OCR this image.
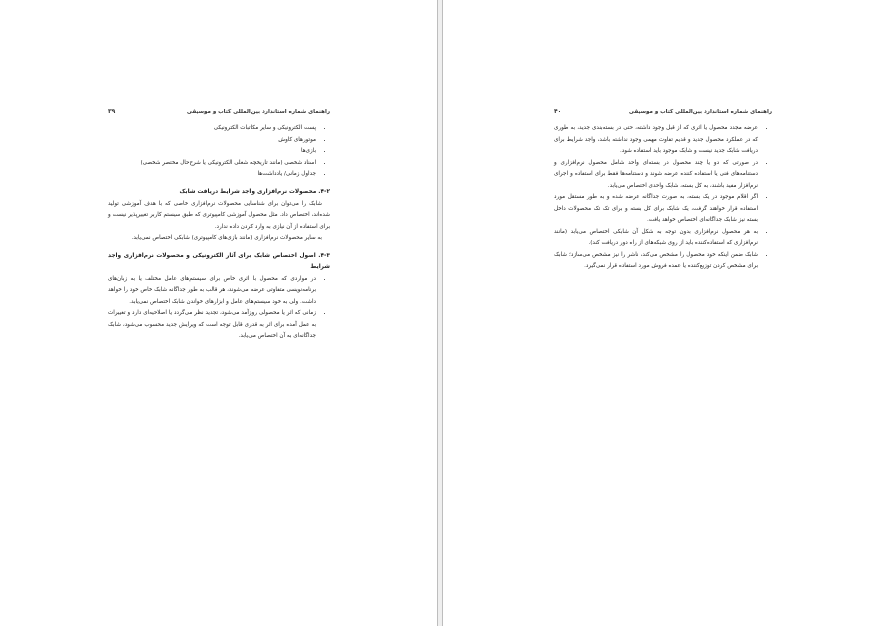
راهنمای شماره استاندارد بین‌المللی کتاب و موسیقی
۳۹
• پست الکترونیکی و سایر مکاتبات الکترونیکی
• موتورهای کاوش
• بازی‌ها
• اسناد شخصی (مانند تاریخچه شغلی الکترونیکی یا شرح‌حال مختصر شخصی)
• جداول زمانی/ یادداشت‌ها
۴-۲. محصولات نرم‌افزاری واجد شرایط دریافت شابک

شابک را می‌توان برای شناسایی محصولات نرم‌افزاری خاصی که با هدف آموزشی تولید شده‌اند، اختصاص داد. مثل محصول آموزشی کامپیوتری که طبق سیستم کاربر تغییرپذیر نیست و برای استفاده از آن نیازی به وارد کردن داده ندارد.

به سایر محصولات نرم‌افزاری (مانند بازی‌های کامپیوتری) شابکی اختصاص نمی‌یابد.

۴-۳. اصول اختصاص شابک برای آثار الکترونیکی و محصولات نرم‌افزاری واجد شرایط
• در مواردی که محصول با اثری خاص برای سیستم‌های عامل مختلف یا به زبان‌های برنامه‌نویسی متفاوتی عرضه می‌شوند، هر قالب به طور جداگانه شابک خاص خود را خواهد داشت. ولی به خود سیستم‌های عامل و ابزارهای خواندن شابک اختصاص نمی‌یابد.
• زمانی که اثر یا محصولی روزآمد می‌شود، تجدید نظر می‌گردد یا اصلاحیه‌ای دارد و تغییرات به عمل آمده برای اثر به قدری قابل توجه است که ویرایش جدید محسوب می‌شود، شابک جداگانه‌ای به آن اختصاص می‌یابد.
راهنمای شماره استاندارد بین‌المللی کتاب و موسیقی
۴۰
• عرضه مجدد محصول یا اثری که از قبل وجود داشته، حتی در بسته‌بندی جدید، به طوری که در عملکرد محصول جدید و قدیم تفاوت مهمی وجود نداشته باشد، واجد شرایط برای دریافت شابک جدید نیست و شابک موجود باید استفاده شود.
• در صورتی که دو یا چند محصول در بسته‌ای واحد شامل محصول نرم‌افزاری و دستنامه‌های فنی یا استفاده کننده عرضه شوند و دستنامه‌ها فقط برای استفاده و اجرای نرم‌افزار مفید باشند، به کل بسته، شابک واحدی اختصاص می‌یابد.
• اگر اقلام موجود در یک بسته، به صورت جداگانه عرضه شده و به طور مستقل مورد استفاده قرار خواهند گرفت، یک شابک برای کل بسته و برای تک تک محصولات داخل بسته نیز شابک جداگانه‌ای اختصاص خواهد یافت.
• به هر محصول نرم‌افزاری بدون توجه به شکل آن شابکی اختصاص می‌یابد (مانند نرم‌افزاری که استفاده‌کننده باید از روی شبکه‌های از راه دور دریافت کند).
• شابک ضمن اینکه خود محصول را مشخص می‌کند، ناشر را نیز مشخص می‌سازد؛ شابک برای مشخص کردن توزیع‌کننده یا عمده فروش مورد استفاده قرار نمی‌گیرد.
